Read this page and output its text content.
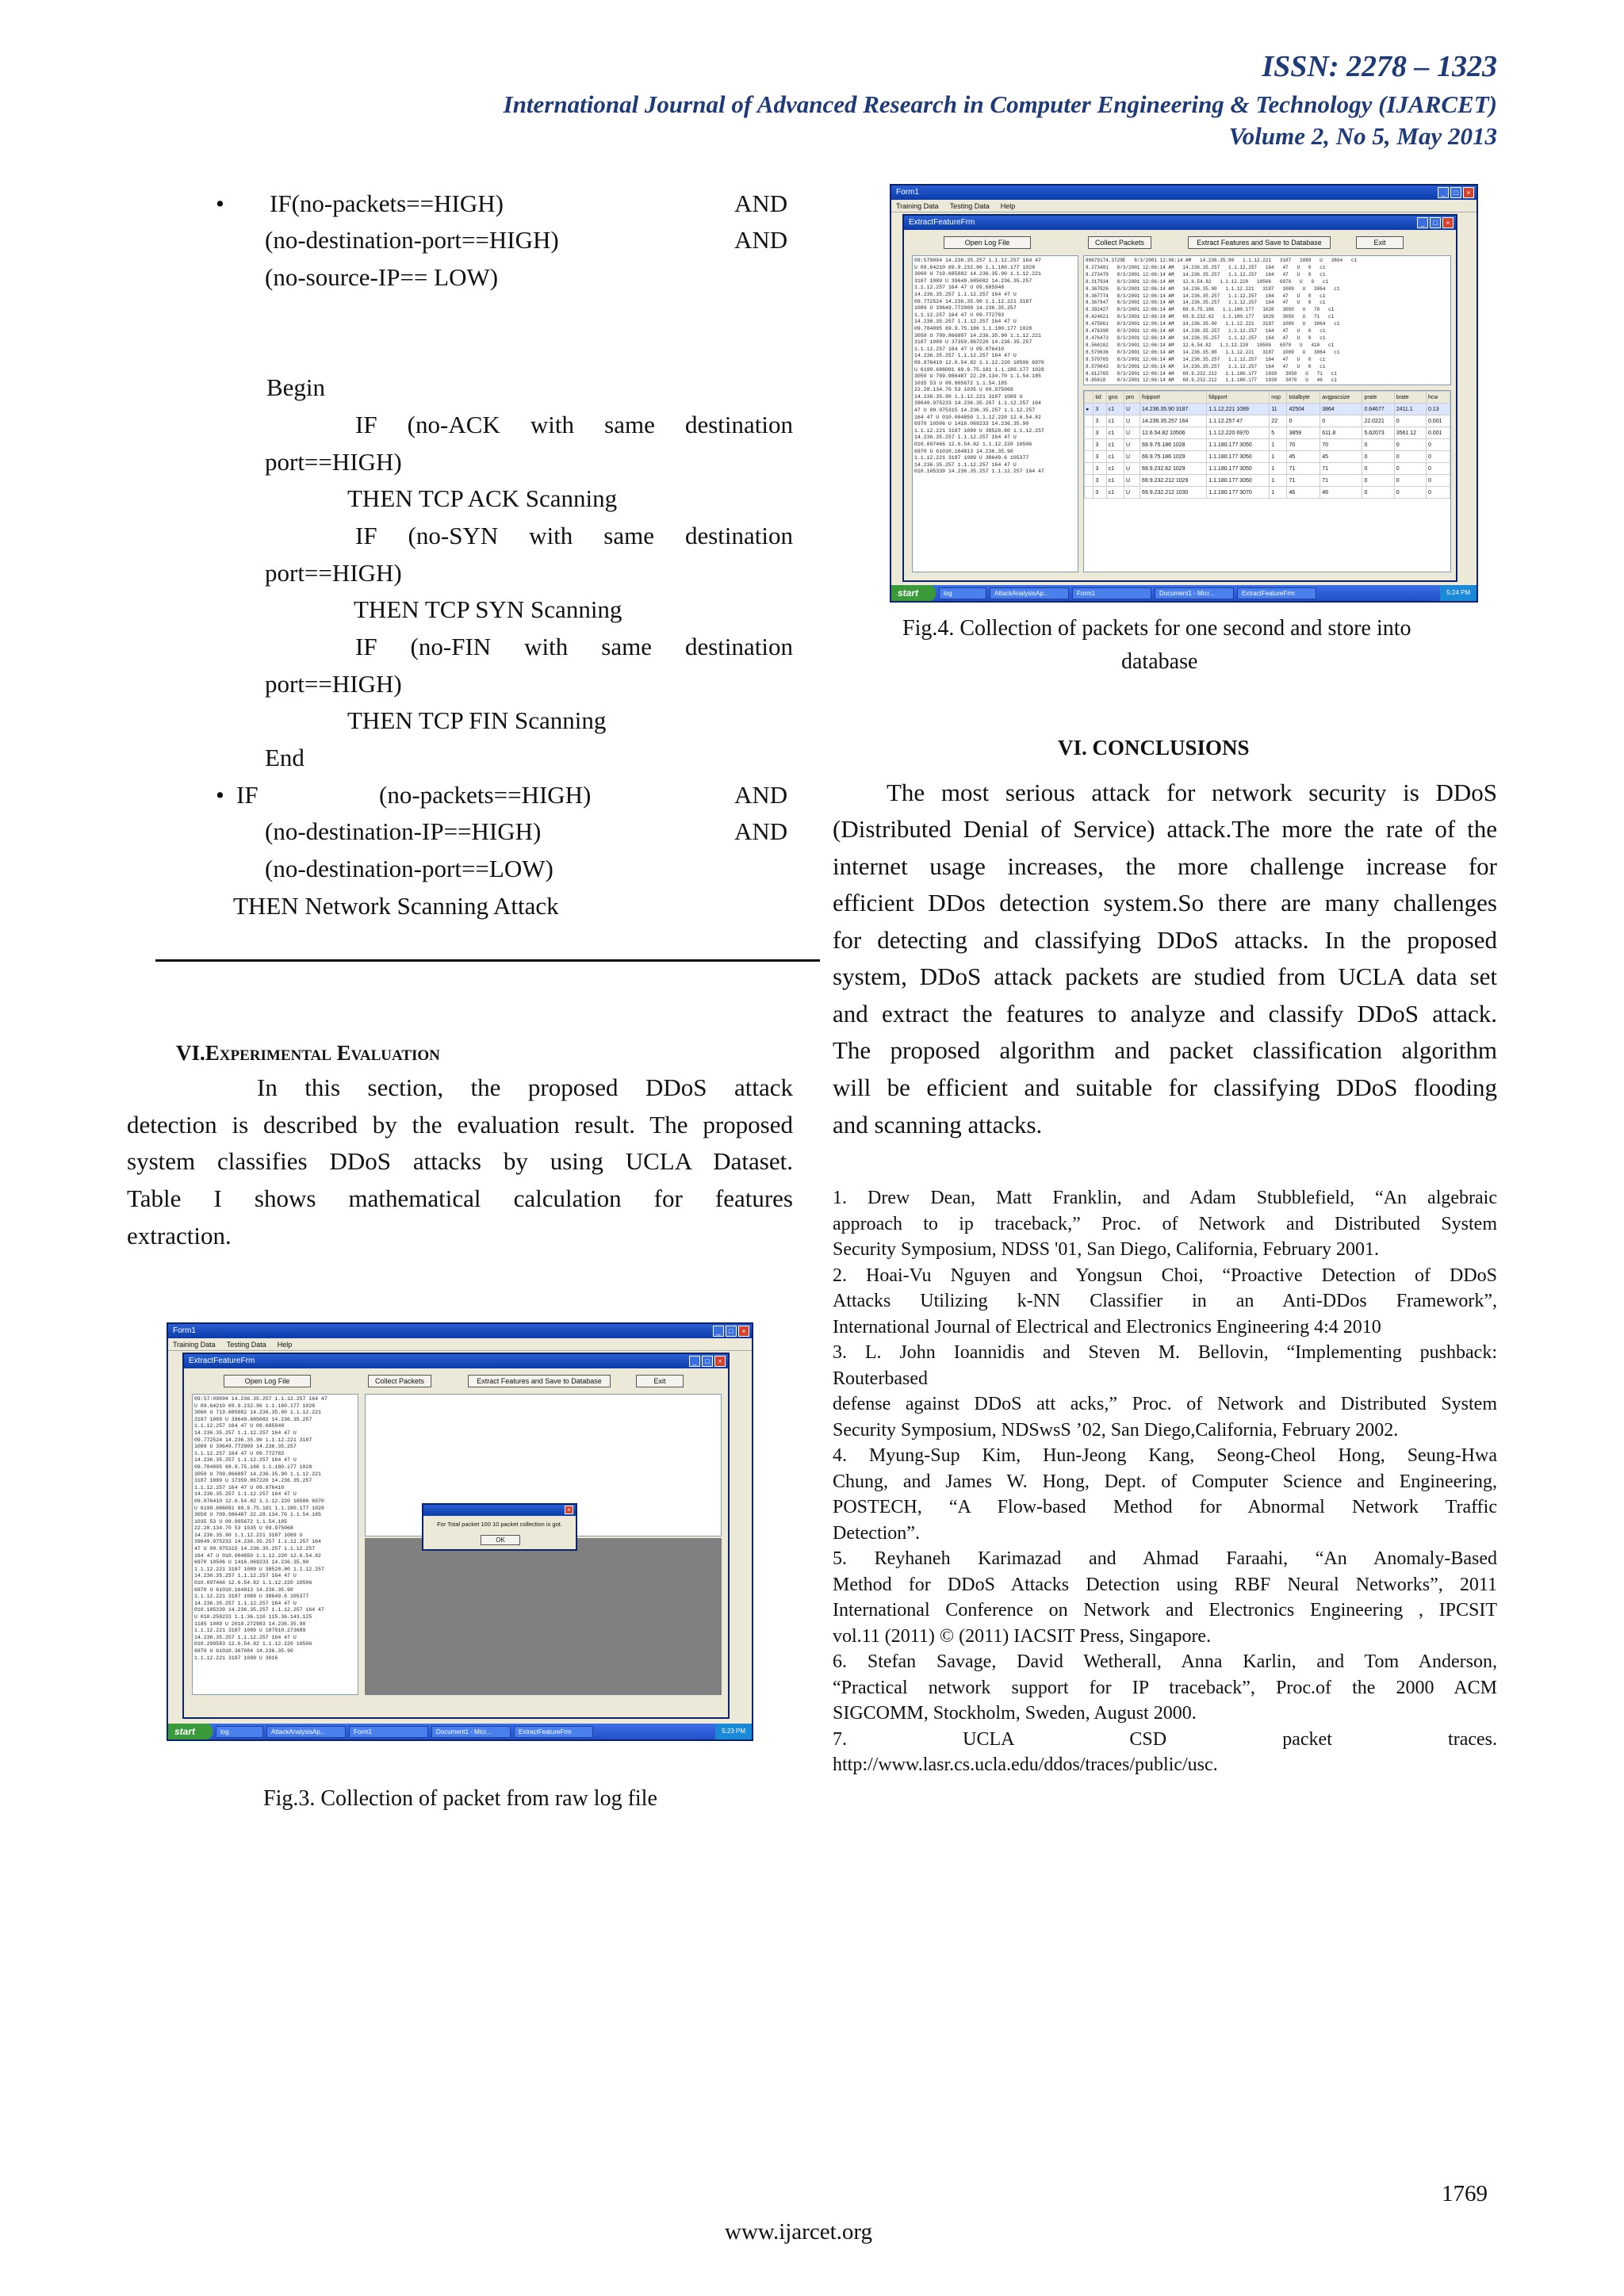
ISSN: 2278 – 1323
International Journal of Advanced Research in Computer Engineering & Technology (IJARCET)
Volume 2, No 5, May 2013
• IF(no-packets==HIGH)	AND
(no-destination-port==HIGH)	AND
(no-source-IP== LOW)
Begin
IF (no-ACK with same destination
port==HIGH)
THEN TCP ACK Scanning
IF (no-SYN with same destination
port==HIGH)
THEN TCP SYN Scanning
IF (no-FIN with same destination
port==HIGH)
THEN TCP FIN Scanning
End
• IF	(no-packets==HIGH)	AND
(no-destination-IP==HIGH)	AND
(no-destination-port==LOW)
THEN Network Scanning Attack
VI.Experimental Evaluation
In this section, the proposed DDoS attack
detection is described by the evaluation result. The proposed
system classifies DDoS attacks by using UCLA Dataset.
Table I shows mathematical calculation for features
extraction.
Form1	_	□	×
Training Data Testing Data Help
ExtractFeatureFrm	_	□	×
Open Log File	Collect Packets	Extract Features and Save to Database	Exit
09:57:09094 14.236.35.257 1.1.12.257 164 47
U 09.64210 69.9.232.96 1.1.180.177 1028
3060 U 719.685082 14.236.35.90 1.1.12.221
3187 1089 U 39649.685082 14.236.35.257
1.1.12.257 164 47 U 09.685948
14.236.35.257 1.1.12.257 164 47 U
09.772524 14.236.35.90 1.1.12.221 3187
1089 U 39649.772900 14.236.35.257
1.1.12.257 164 47 U 09.772783
14.236.35.257 1.1.12.257 164 47 U
09.784095 69.9.75.186 1.1.180.177 1028
3050 U 709.866897 14.236.35.90 1.1.12.221
3187 1089 U 37359.867220 14.236.35.257
1.1.12.257 164 47 U 09.876410
14.236.35.257 1.1.12.257 164 47 U
09.876410 12.6.54.82 1.1.12.220 10506 6970
U 6199.686091 69.9.75.181 1.1.180.177 1028
3050 U 709.986487 22.28.134.70 1.1.54.185
1035 53 U 09.905672 1.1.54.185
22.28.134.70 53 1035 U 09.975068
14.236.35.90 1.1.12.221 3187 1089 U
39649.975233 14.236.35.257 1.1.12.257 164
47 U 09.975315 14.236.35.257 1.1.12.257
164 47 U 010.004850 1.1.12.220 12.6.54.82
6970 10506 U 1416.069233 14.236.35.90
1.1.12.221 3187 1089 U 38528.80 1.1.12.257
14.236.35.257 1.1.12.257 164 47 U
010.097466 12.6.54.82 1.1.12.220 10506
6970 U 61010.164813 14.236.35.90
1.1.12.221 3187 1089 U 38649.6 105377
14.236.35.257 1.1.12.257 164 47 U
010.105339 14.236.35.257 1.1.12.257 164 47
U 010.258233 1.1.36.110 115.36.143.125
1185 1089 U 2010.272983 14.236.35.90
1.1.12.221 3187 1089 U 187910.273689
14.236.35.257 1.1.12.257 164 47 U
010.299583 12.6.54.82 1.1.12.220 10506
6970 U 61010.367084 14.236.35.90
1.1.12.221 3187 1089 U 3016
×
For Total packet 100 10 packet collection is got.
OK
start	log	AttackAnalysisAp...	Form1	Document1 - Micr...	ExtractFeatureFrm	5:23 PM
Fig.3. Collection of packet from raw log file
Form1	_	□	×
Training Data Testing Data Help
ExtractFeatureFrm	_	□	×
Open Log File	Collect Packets	Extract Features and Save to Database	Exit
09:579094 14.236.35.257 1.1.12.257 164 47
U 09.64210 69.9.232.96 1.1.180.177 1028
3060 U 719.685082 14.236.35.90 1.1.12.221
3187 1089 U 39649.685082 14.236.35.257
1.1.12.257 164 47 U 09.685948
14.236.35.257 1.1.12.257 164 47 U
09.772524 14.236.35.90 1.1.12.221 3187
1089 U 39649.772900 14.236.35.257
1.1.12.257 164 47 U 09.772783
14.236.35.257 1.1.12.257 164 47 U
09.784095 69.9.75.186 1.1.180.177 1028
3050 U 709.866897 14.236.35.90 1.1.12.221
3187 1089 U 37359.867220 14.236.35.257
1.1.12.257 164 47 U 09.876410
14.236.35.257 1.1.12.257 164 47 U
09.876410 12.6.54.82 1.1.12.220 10506 6970
U 6199.686091 69.9.75.181 1.1.180.177 1028
3050 U 709.986487 22.28.134.70 1.1.54.185
1035 53 U 09.905672 1.1.54.185
22.28.134.70 53 1035 U 09.975068
14.236.35.90 1.1.12.221 3187 1089 U
39649.975233 14.236.35.257 1.1.12.257 164
47 U 09.975315 14.236.35.257 1.1.12.257
164 47 U 010.004850 1.1.12.220 12.6.54.82
6970 10506 U 1416.069233 14.236.35.90
1.1.12.221 3187 1089 U 38528.80 1.1.12.257
14.236.35.257 1.1.12.257 164 47 U
010.097466 12.6.54.82 1.1.12.220 10506
6970 U 61010.164813 14.236.35.90
1.1.12.221 3187 1089 U 38649.6 105377
14.236.35.257 1.1.12.257 164 47 U
010.105339 14.236.35.257 1.1.12.257 164 47
89679174.3729E   8/3/2001 12:06:14 AM   14.236.35.90   1.1.12.221   3187   1089   U   3864   c1
8.273401   8/3/2001 12:06:14 AM   14.236.35.257   1.1.12.257   164   47   U   0   c1
8.273479   8/3/2001 12:06:14 AM   14.236.35.257   1.1.12.257   164   47   U   0   c1
8.317934   8/3/2001 12:06:14 AM   12.6.54.82   1.1.12.220   10506   6970   U   0   c1
8.367926   8/3/2001 12:06:14 AM   14.236.35.90   1.1.12.221   3187   1089   U   3864   c1
8.367774   8/3/2001 12:06:14 AM   14.236.35.257   1.1.12.257   164   47   U   0   c1
8.367947   8/3/2001 12:06:14 AM   14.236.35.257   1.1.12.257   164   47   U   0   c1
8.392427   8/3/2001 12:06:14 AM   69.9.75.186   1.1.180.177   1028   3050   U   70   c1
8.424021   8/3/2001 12:06:14 AM   69.9.232.62   1.1.180.177   1029   3050   U   71   c1
8.475061   8/3/2001 12:06:14 AM   14.236.35.90   1.1.12.221   3187   1089   U   3864   c1
8.476398   8/3/2001 12:06:14 AM   14.236.35.257   1.1.12.257   164   47   U   0   c1
8.476473   8/3/2001 12:06:14 AM   14.236.35.257   1.1.12.257   164   47   U   0   c1
8.566182   8/3/2001 12:06:14 AM   12.6.54.82   1.1.12.220   10506   6970   U   410   c1
8.570636   8/3/2001 12:06:14 AM   14.236.35.90   1.1.12.221   3187   1089   U   3864   c1
8.570765   8/3/2001 12:06:14 AM   14.236.35.257   1.1.12.257   164   47   U   0   c1
8.570843   8/3/2001 12:06:14 AM   14.236.35.257   1.1.12.257   164   47   U   0   c1
8.612765   8/3/2001 12:06:14 AM   69.9.232.212   1.1.180.177   1030   3050   U   71   c1
8.65618    8/3/2001 12:06:14 AM   69.9.232.212   1.1.180.177   1030   3070   U   46   c1
	tid	gno	pro	fsipport	fdipport	nop	totalbyte	avgpacsize	prate	brate	hcw
▸	3	c1	U	14.236.35.90 3187	1.1.12.221 1089	11	42504	3864	0.64677	2411.1	0.13
	3	c1	U	14.236.35.257 164	1.1.12.257 47	22	0	0	22.0221	0	0.001
	3	c1	U	12.6.54.82 10506	1.1.12.220 6970	5	3859	611.8	5.62073	3561.12	0.001
	3	c1	U	69.9.75.186 1028	1.1.180.177 3050	1	70	70	0	0	0
	3	c1	U	69.9.75.186 1029	1.1.180.177 3050	1	45	45	0	0	0
	3	c1	U	69.9.232.62 1029	1.1.180.177 3050	1	71	71	0	0	0
	3	c1	U	69.9.232.212 1029	1.1.180.177 3050	1	71	71	0	0	0
	3	c1	U	69.9.232.212 1030	1.1.180.177 3070	1	46	46	0	0	0
start	log	AttackAnalysisAp...	Form1	Document1 - Micr...	ExtractFeatureFrm	5:24 PM
Fig.4. Collection of packets for one second and store into
database
VI. CONCLUSIONS
The most serious attack for network security is DDoS
(Distributed Denial of Service) attack.The more the rate of the
internet usage increases, the more challenge increase for
efficient DDos detection system.So there are many challenges
for detecting and classifying DDoS attacks. In the proposed
system, DDoS attack packets are studied from UCLA data set
and extract the features to analyze and classify DDoS attack.
The proposed algorithm and packet classification algorithm
will be efficient and suitable for classifying DDoS flooding
and scanning attacks.
1. Drew Dean, Matt Franklin, and Adam Stubblefield, “An algebraic
approach to ip traceback,” Proc. of Network and Distributed System
Security Symposium, NDSS '01, San Diego, California, February 2001.
2. Hoai-Vu Nguyen and Yongsun Choi, “Proactive Detection of DDoS
Attacks Utilizing k-NN Classifier in an Anti-DDos Framework”,
International Journal of Electrical and Electronics Engineering 4:4 2010
3. L. John Ioannidis and Steven M. Bellovin, “Implementing pushback:
Routerbased
defense against DDoS att acks,” Proc. of Network and Distributed System
Security Symposium, NDSwsS ’02, San Diego,California, February 2002.
4. Myung-Sup Kim, Hun-Jeong Kang, Seong-Cheol Hong, Seung-Hwa
Chung, and James W. Hong, Dept. of Computer Science and Engineering,
POSTECH, “A Flow-based Method for Abnormal Network Traffic
Detection”.
5. Reyhaneh Karimazad and Ahmad Faraahi, “An Anomaly-Based
Method for DDoS Attacks Detection using RBF Neural Networks”, 2011
International Conference on Network and Electronics Engineering , IPCSIT
vol.11 (2011) © (2011) IACSIT Press, Singapore.
6. Stefan Savage, David Wetherall, Anna Karlin, and Tom Anderson,
“Practical network support for IP traceback”, Proc.of the 2000 ACM
SIGCOMM, Stockholm, Sweden, August 2000.
7. UCLA CSD packet traces.
http://www.lasr.cs.ucla.edu/ddos/traces/public/usc.
1769
www.ijarcet.org
